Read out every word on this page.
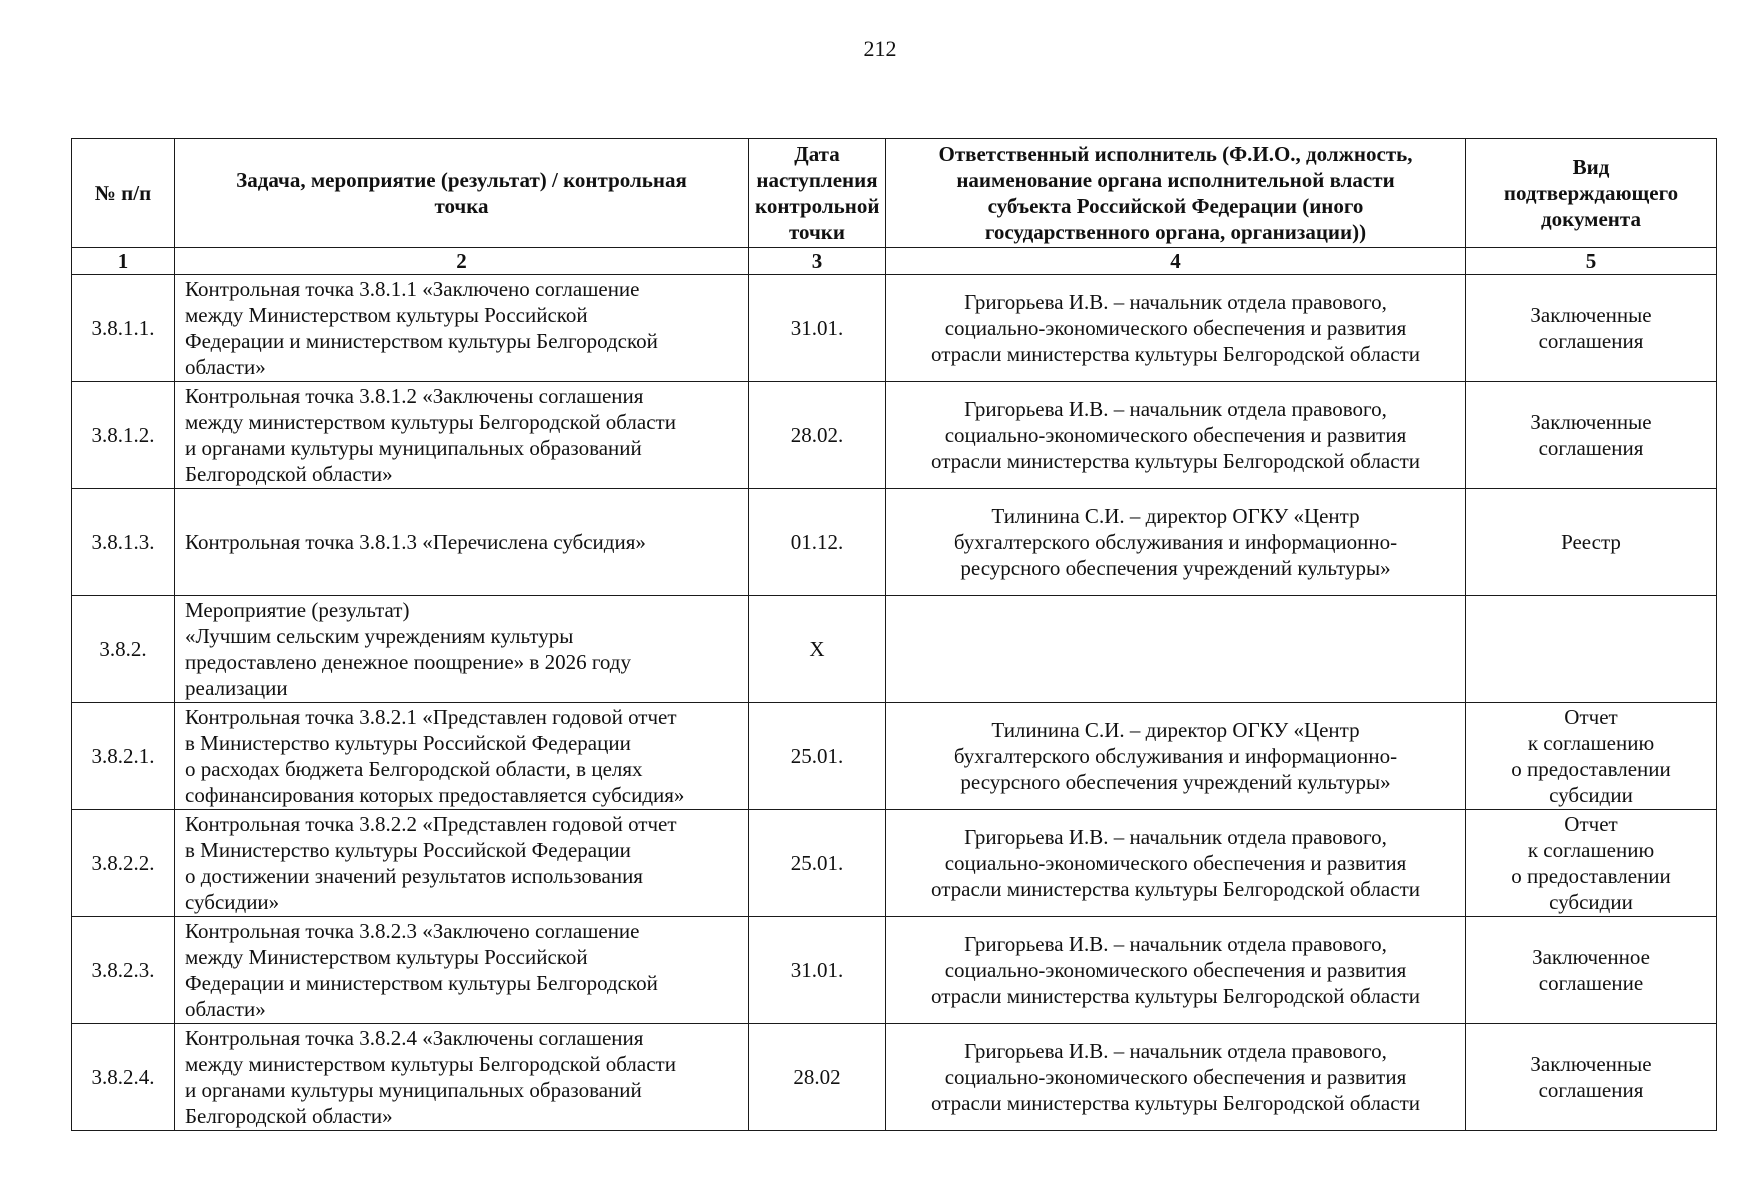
212
№ п/п	Задача, мероприятие (результат) / контрольная
точка	Дата
наступления
контрольной
точки	Ответственный исполнитель (Ф.И.О., должность,
наименование органа исполнительной власти
субъекта Российской Федерации (иного
государственного органа, организации))	Вид
подтверждающего
документа
1	2	3	4	5
3.8.1.1.	Контрольная точка 3.8.1.1 «Заключено соглашение
между Министерством культуры Российской
Федерации и министерством культуры Белгородской
области»	31.01.	Григорьева И.В. – начальник отдела правового,
социально-экономического обеспечения и развития
отрасли министерства культуры Белгородской области	Заключенные
соглашения
3.8.1.2.	Контрольная точка 3.8.1.2 «Заключены соглашения
между министерством культуры Белгородской области
и органами культуры муниципальных образований
Белгородской области»	28.02.	Григорьева И.В. – начальник отдела правового,
социально-экономического обеспечения и развития
отрасли министерства культуры Белгородской области	Заключенные
соглашения
3.8.1.3.	Контрольная точка 3.8.1.3 «Перечислена субсидия»	01.12.	Тилинина С.И. – директор ОГКУ «Центр
бухгалтерского обслуживания и информационно-
ресурсного обеспечения учреждений культуры»	Реестр
3.8.2.	Мероприятие (результат)
«Лучшим сельским учреждениям культуры
предоставлено денежное поощрение» в 2026 году
реализации	X		
3.8.2.1.	Контрольная точка 3.8.2.1 «Представлен годовой отчет
в Министерство культуры Российской Федерации
о расходах бюджета Белгородской области, в целях
софинансирования которых предоставляется субсидия»	25.01.	Тилинина С.И. – директор ОГКУ «Центр
бухгалтерского обслуживания и информационно-
ресурсного обеспечения учреждений культуры»	Отчет
к соглашению
о предоставлении
субсидии
3.8.2.2.	Контрольная точка 3.8.2.2 «Представлен годовой отчет
в Министерство культуры Российской Федерации
о достижении значений результатов использования
субсидии»	25.01.	Григорьева И.В. – начальник отдела правового,
социально-экономического обеспечения и развития
отрасли министерства культуры Белгородской области	Отчет
к соглашению
о предоставлении
субсидии
3.8.2.3.	Контрольная точка 3.8.2.3 «Заключено соглашение
между Министерством культуры Российской
Федерации и министерством культуры Белгородской
области»	31.01.	Григорьева И.В. – начальник отдела правового,
социально-экономического обеспечения и развития
отрасли министерства культуры Белгородской области	Заключенное
соглашение
3.8.2.4.	Контрольная точка 3.8.2.4 «Заключены соглашения
между министерством культуры Белгородской области
и органами культуры муниципальных образований
Белгородской области»	28.02	Григорьева И.В. – начальник отдела правового,
социально-экономического обеспечения и развития
отрасли министерства культуры Белгородской области	Заключенные
соглашения
